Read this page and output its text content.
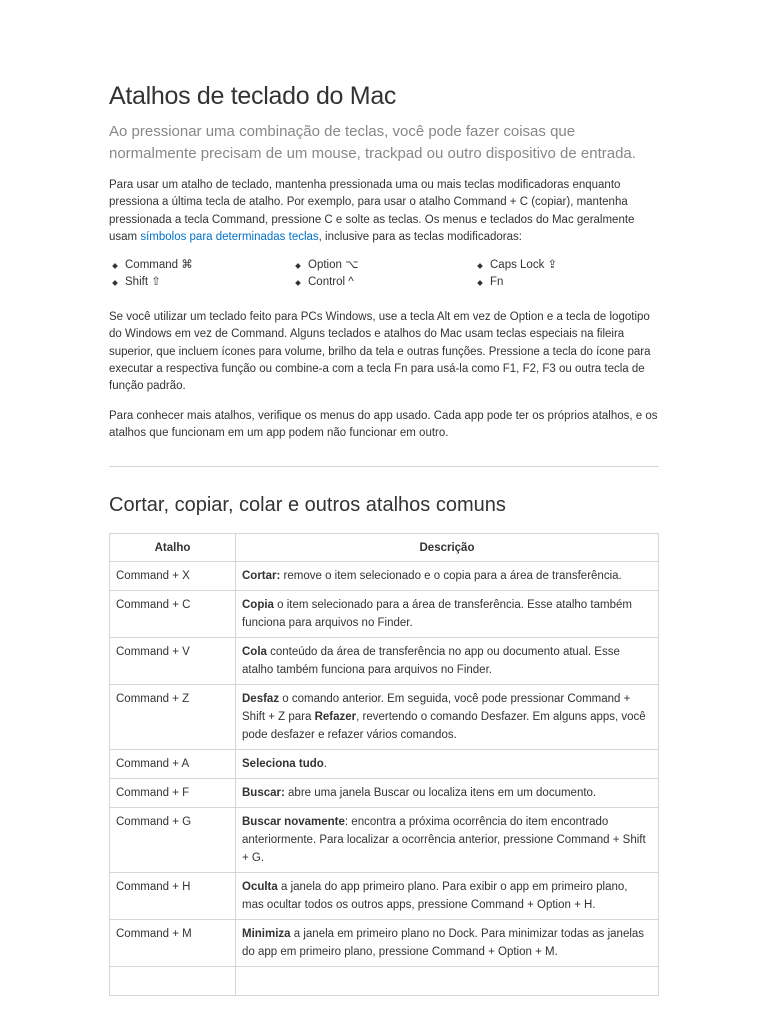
Atalhos de teclado do Mac

Ao pressionar uma combinação de teclas, você pode fazer coisas que normalmente precisam de um mouse, trackpad ou outro dispositivo de entrada.

Para usar um atalho de teclado, mantenha pressionada uma ou mais teclas modificadoras enquanto pressiona a última tecla de atalho. Por exemplo, para usar o atalho Command + C (copiar), mantenha pressionada a tecla Command, pressione C e solte as teclas. Os menus e teclados do Mac geralmente usam símbolos para determinadas teclas, inclusive para as teclas modificadoras:

Command ⌘
Shift ⇧
Option ⌥
Control ^
Caps Lock ⇪
Fn

Se você utilizar um teclado feito para PCs Windows, use a tecla Alt em vez de Option e a tecla de logotipo do Windows em vez de Command. Alguns teclados e atalhos do Mac usam teclas especiais na fileira superior, que incluem ícones para volume, brilho da tela e outras funções. Pressione a tecla do ícone para executar a respectiva função ou combine-a com a tecla Fn para usá-la como F1, F2, F3 ou outra tecla de função padrão.

Para conhecer mais atalhos, verifique os menus do app usado. Cada app pode ter os próprios atalhos, e os atalhos que funcionam em um app podem não funcionar em outro.

Cortar, copiar, colar e outros atalhos comuns
Atalho	Descrição
Command + X	Cortar: remove o item selecionado e o copia para a área de transferência.
Command + C	Copia o item selecionado para a área de transferência. Esse atalho também funciona para arquivos no Finder.
Command + V	Cola conteúdo da área de transferência no app ou documento atual. Esse atalho também funciona para arquivos no Finder.
Command + Z	Desfaz o comando anterior. Em seguida, você pode pressionar Command + Shift + Z para Refazer, revertendo o comando Desfazer. Em alguns apps, você pode desfazer e refazer vários comandos.
Command + A	Seleciona tudo.
Command + F	Buscar: abre uma janela Buscar ou localiza itens em um documento.
Command + G	Buscar novamente: encontra a próxima ocorrência do item encontrado anteriormente. Para localizar a ocorrência anterior, pressione Command + Shift + G.
Command + H	Oculta a janela do app primeiro plano. Para exibir o app em primeiro plano, mas ocultar todos os outros apps, pressione Command + Option + H.
Command + M	Minimiza a janela em primeiro plano no Dock. Para minimizar todas as janelas do app em primeiro plano, pressione Command + Option + M.
